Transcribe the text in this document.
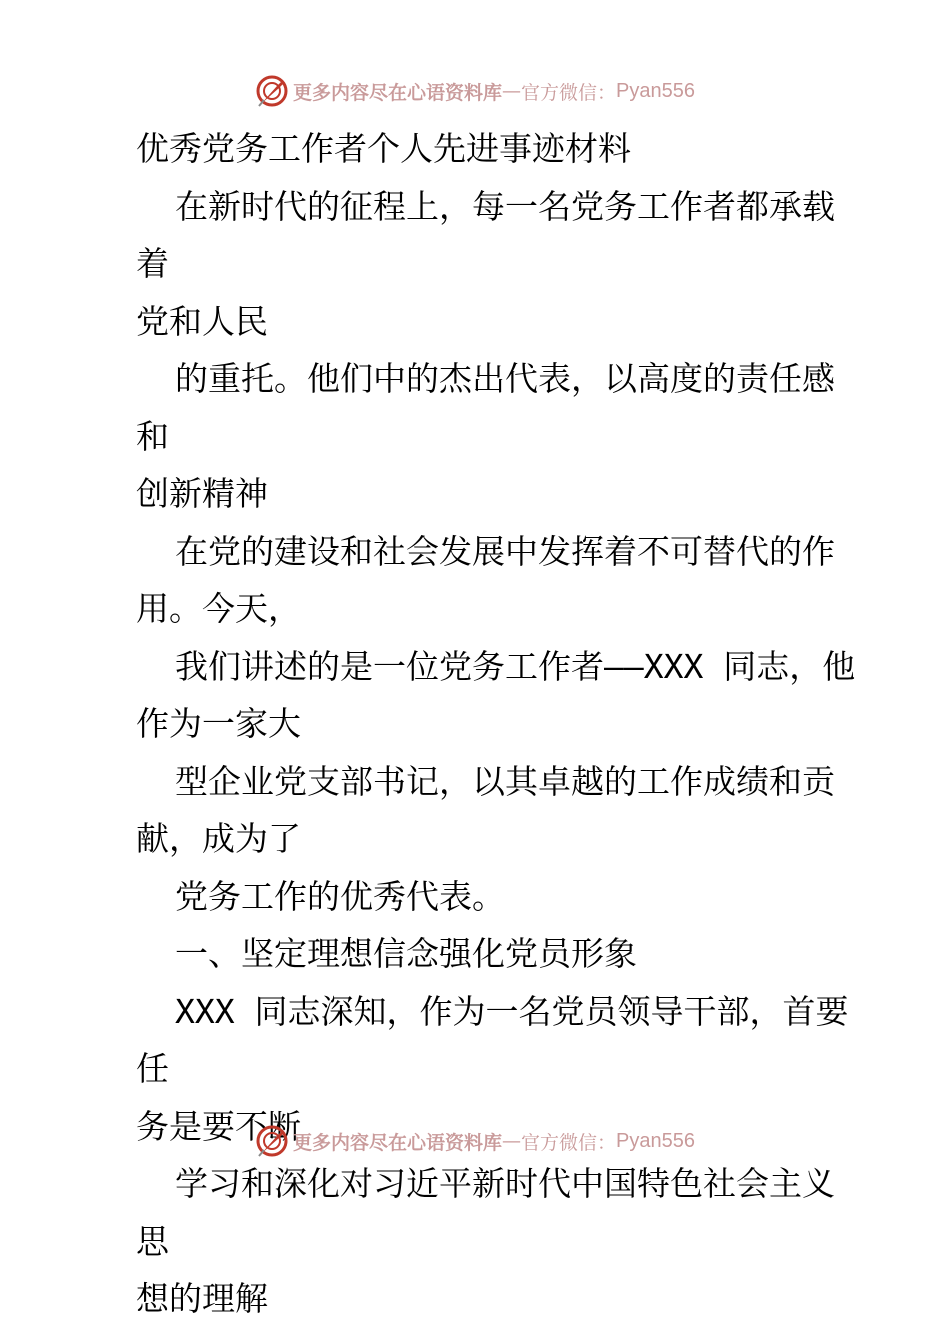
更多内容尽在心语资料库 — 官方微信： Pyan556

优秀党务工作者个人先进事迹材料

在新时代的征程上，每一名党务工作者都承载着
党和人民
的重托。他们中的杰出代表，以高度的责任感和
创新精神
在党的建设和社会发展中发挥着不可替代的作
用。今天，
我们讲述的是一位党务工作者——XXX 同志，他
作为一家大
型企业党支部书记，以其卓越的工作成绩和贡
献，成为了
党务工作的优秀代表。
一、坚定理想信念强化党员形象
XXX 同志深知，作为一名党员领导干部，首要任
务是要不断
学习和深化对习近平新时代中国特色社会主义思
想的理解
更多内容尽在心语资料库 — 官方微信： Pyan556
